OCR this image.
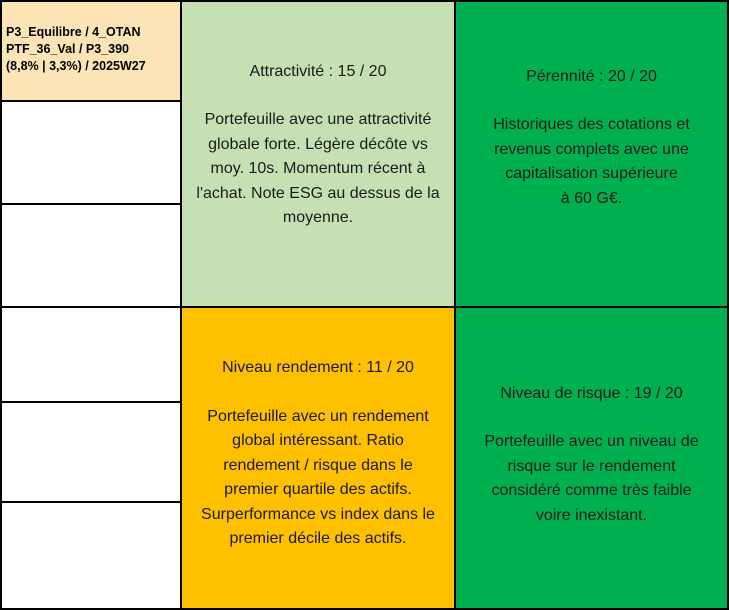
P3_Equilibre / 4_OTAN
PTF_36_Val / P3_390
(8,8% | 3,3%) / 2025W27	Attractivité : 15 / 20
Portefeuille avec une attractivité
globale forte. Légère décôte vs
moy. 10s. Momentum récent à
l'achat. Note ESG au dessus de la
moyenne.
Pérennité : 20 / 20
Historiques des cotations et
revenus complets avec une
capitalisation supérieure
à 60 G€.
Niveau rendement : 11 / 20
Portefeuille avec un rendement
global intéressant. Ratio
rendement / risque dans le
premier quartile des actifs.
Surperformance vs index dans le
premier décile des actifs.
Niveau de risque : 19 / 20
Portefeuille avec un niveau de
risque sur le rendement
considéré comme très faible
voire inexistant.
